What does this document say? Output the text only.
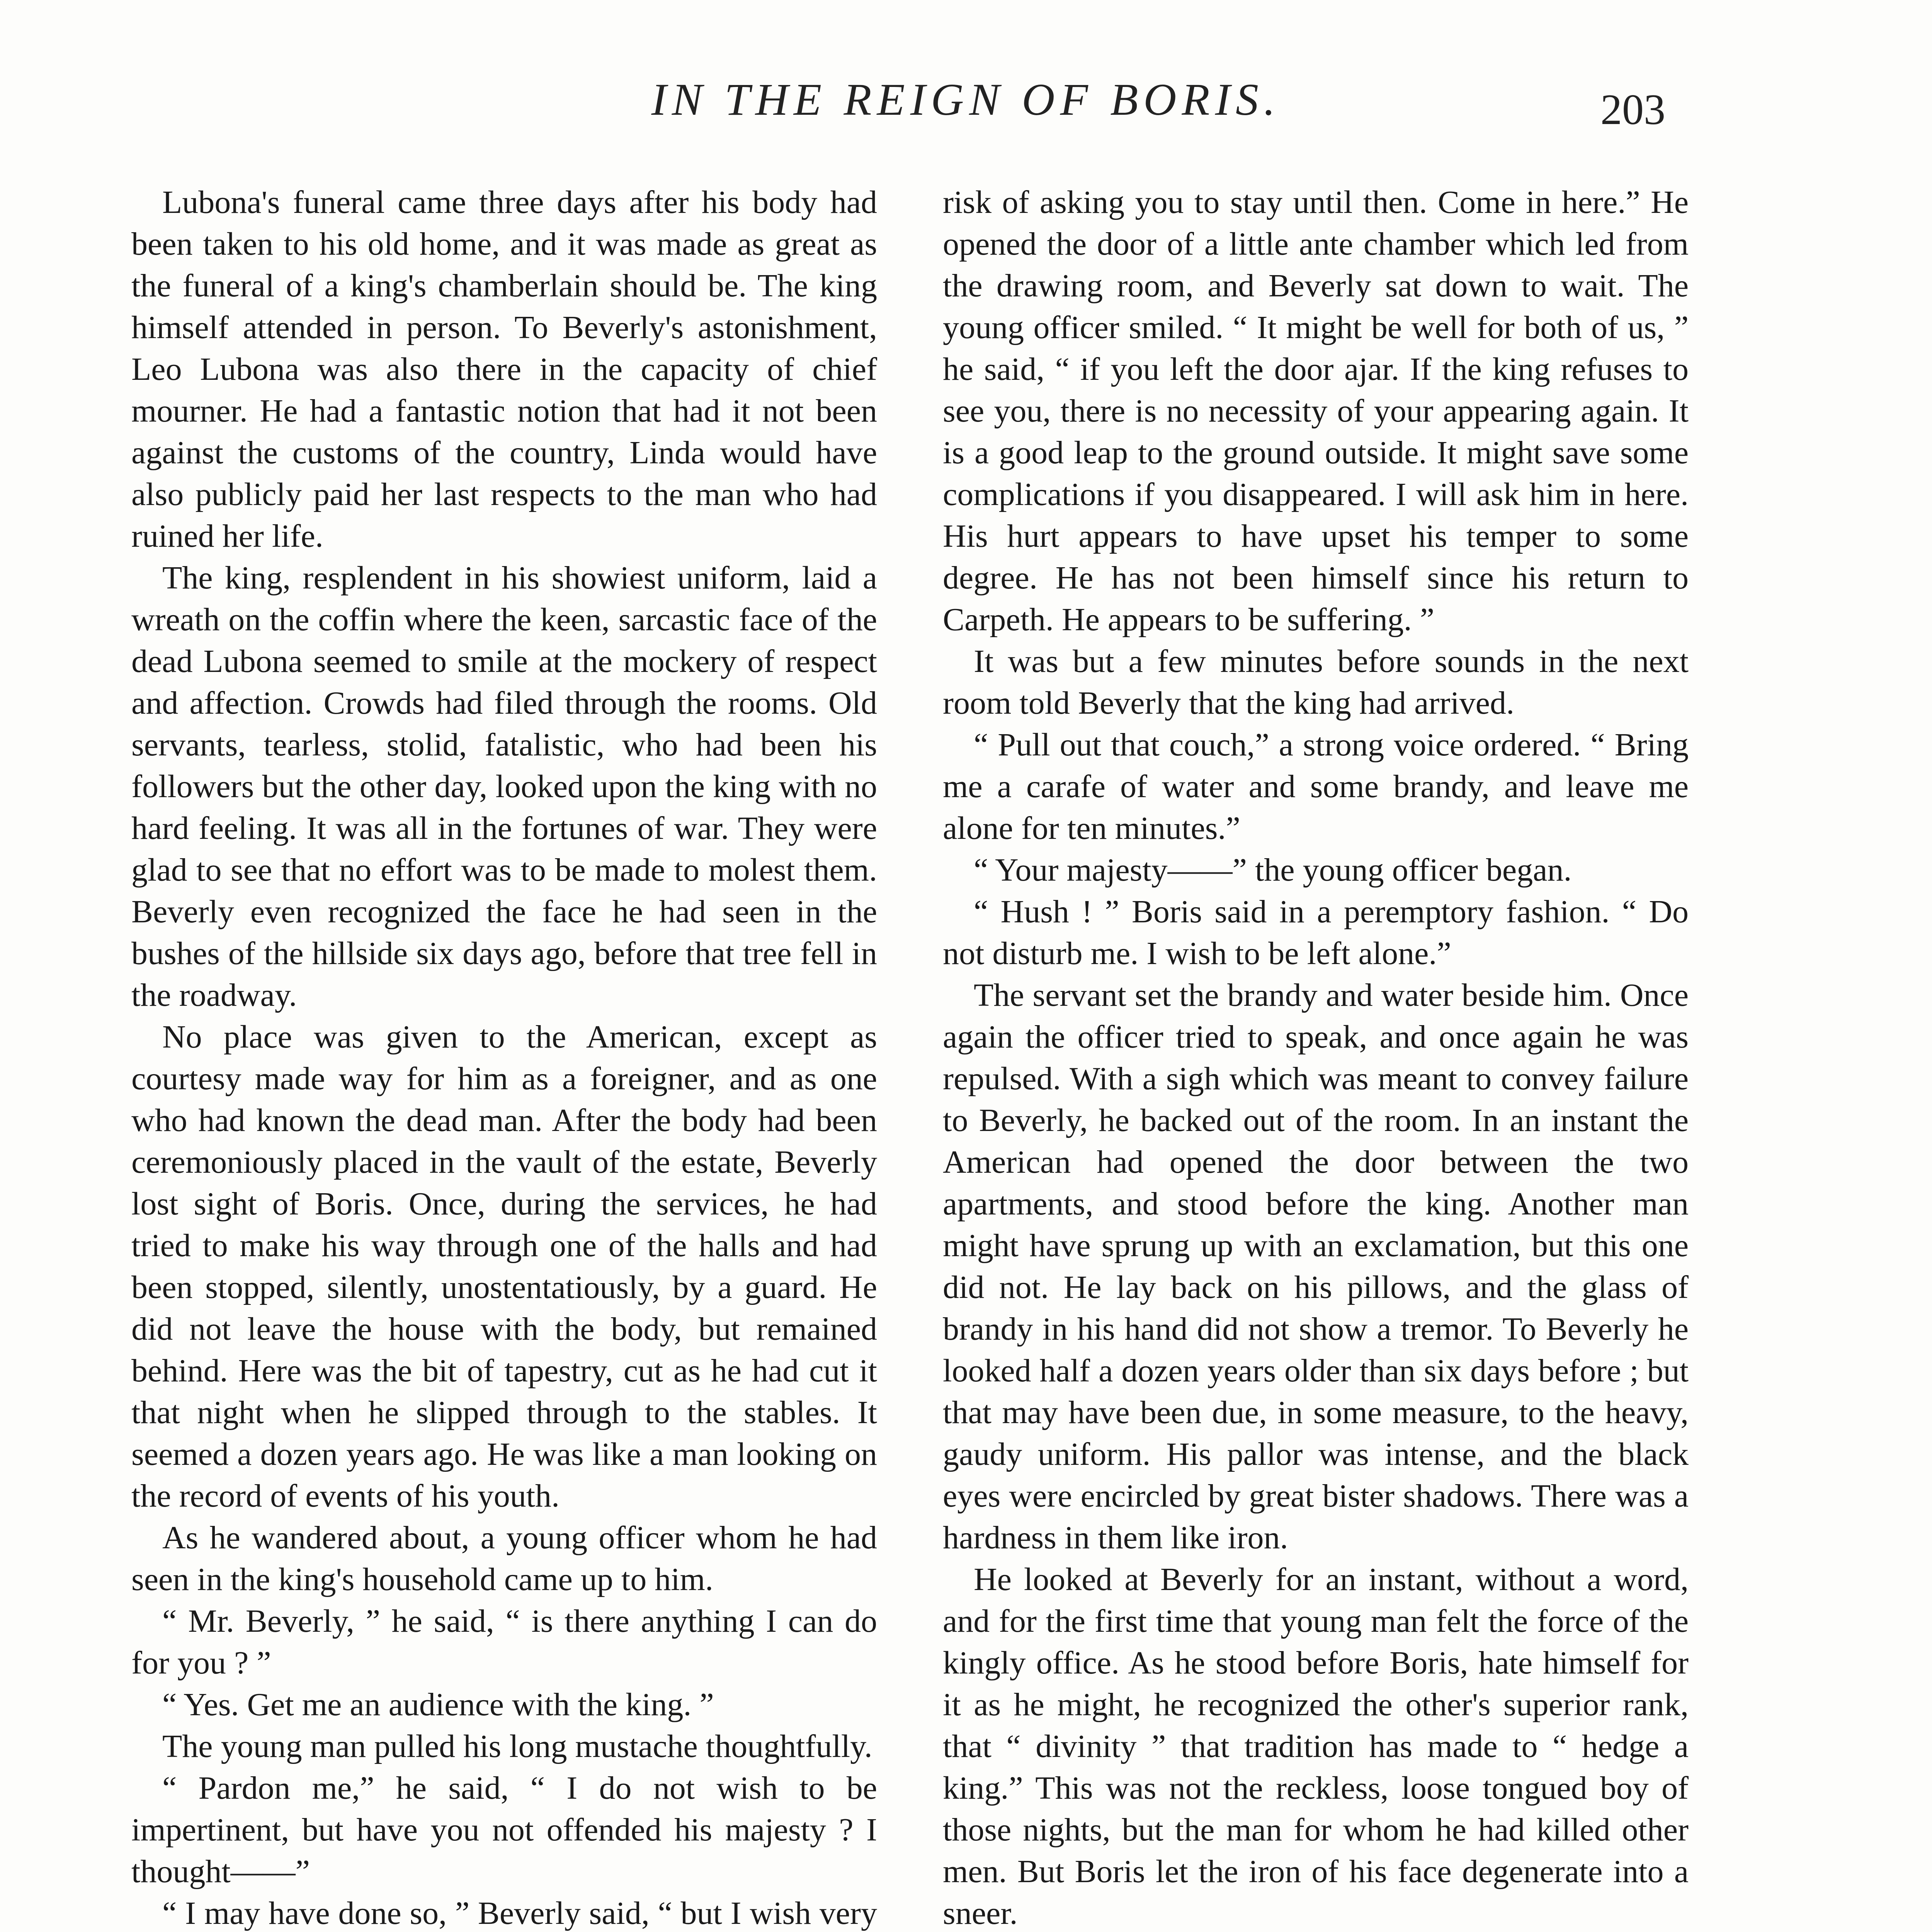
IN THE REIGN OF BORIS.	203

Lubona's funeral came three days after his body had been taken to his old home, and it was made as great as the funeral of a king's chamberlain should be. The king himself attended in person. To Beverly's astonishment, Leo Lubona was also there in the capacity of chief mourner. He had a fantastic notion that had it not been against the customs of the country, Linda would have also publicly paid her last respects to the man who had ruined her life.

The king, resplendent in his showiest uniform, laid a wreath on the coffin where the keen, sarcastic face of the dead Lubona seemed to smile at the mockery of respect and affection. Crowds had filed through the rooms. Old servants, tearless, stolid, fatalistic, who had been his followers but the other day, looked upon the king with no hard feeling. It was all in the fortunes of war. They were glad to see that no effort was to be made to molest them. Beverly even recognized the face he had seen in the bushes of the hillside six days ago, before that tree fell in the roadway.

No place was given to the American, except as courtesy made way for him as a foreigner, and as one who had known the dead man. After the body had been ceremoniously placed in the vault of the estate, Beverly lost sight of Boris. Once, during the services, he had tried to make his way through one of the halls and had been stopped, silently, unostentatiously, by a guard. He did not leave the house with the body, but remained behind. Here was the bit of tapestry, cut as he had cut it that night when he slipped through to the stables. It seemed a dozen years ago. He was like a man looking on the record of events of his youth.

As he wandered about, a young officer whom he had seen in the king's household came up to him.

“ Mr. Beverly, ” he said, “ is there anything I can do for you ? ”

“ Yes. Get me an audience with the king. ”

The young man pulled his long mustache thoughtfully.

“ Pardon me,” he said, “ I do not wish to be impertinent, but have you not offended his majesty ? I thought——”

“ I may have done so, ” Beverly said, “ but I wish very

risk of asking you to stay until then. Come in here.” He opened the door of a little ante chamber which led from the drawing room, and Beverly sat down to wait. The young officer smiled. “ It might be well for both of us, ” he said, “ if you left the door ajar. If the king refuses to see you, there is no necessity of your appearing again. It is a good leap to the ground outside. It might save some complications if you disappeared. I will ask him in here. His hurt appears to have upset his temper to some degree. He has not been himself since his return to Carpeth. He appears to be suffering. ”

It was but a few minutes before sounds in the next room told Beverly that the king had arrived.

“ Pull out that couch,” a strong voice ordered. “ Bring me a carafe of water and some brandy, and leave me alone for ten minutes.”

“ Your majesty——” the young officer began.

“ Hush ! ” Boris said in a peremptory fashion. “ Do not disturb me. I wish to be left alone.”

The servant set the brandy and water beside him. Once again the officer tried to speak, and once again he was repulsed. With a sigh which was meant to convey failure to Beverly, he backed out of the room. In an instant the American had opened the door between the two apartments, and stood before the king. Another man might have sprung up with an exclamation, but this one did not. He lay back on his pillows, and the glass of brandy in his hand did not show a tremor. To Beverly he looked half a dozen years older than six days before ; but that may have been due, in some measure, to the heavy, gaudy uniform. His pallor was intense, and the black eyes were encircled by great bister shadows. There was a hardness in them like iron.

He looked at Beverly for an instant, without a word, and for the first time that young man felt the force of the kingly office. As he stood before Boris, hate himself for it as he might, he recognized the other's superior rank, that “ divinity ” that tradition has made to “ hedge a king.” This was not the reckless, loose tongued boy of those nights, but the man for whom he had killed other men. But Boris let the iron of his face degenerate into a sneer.
